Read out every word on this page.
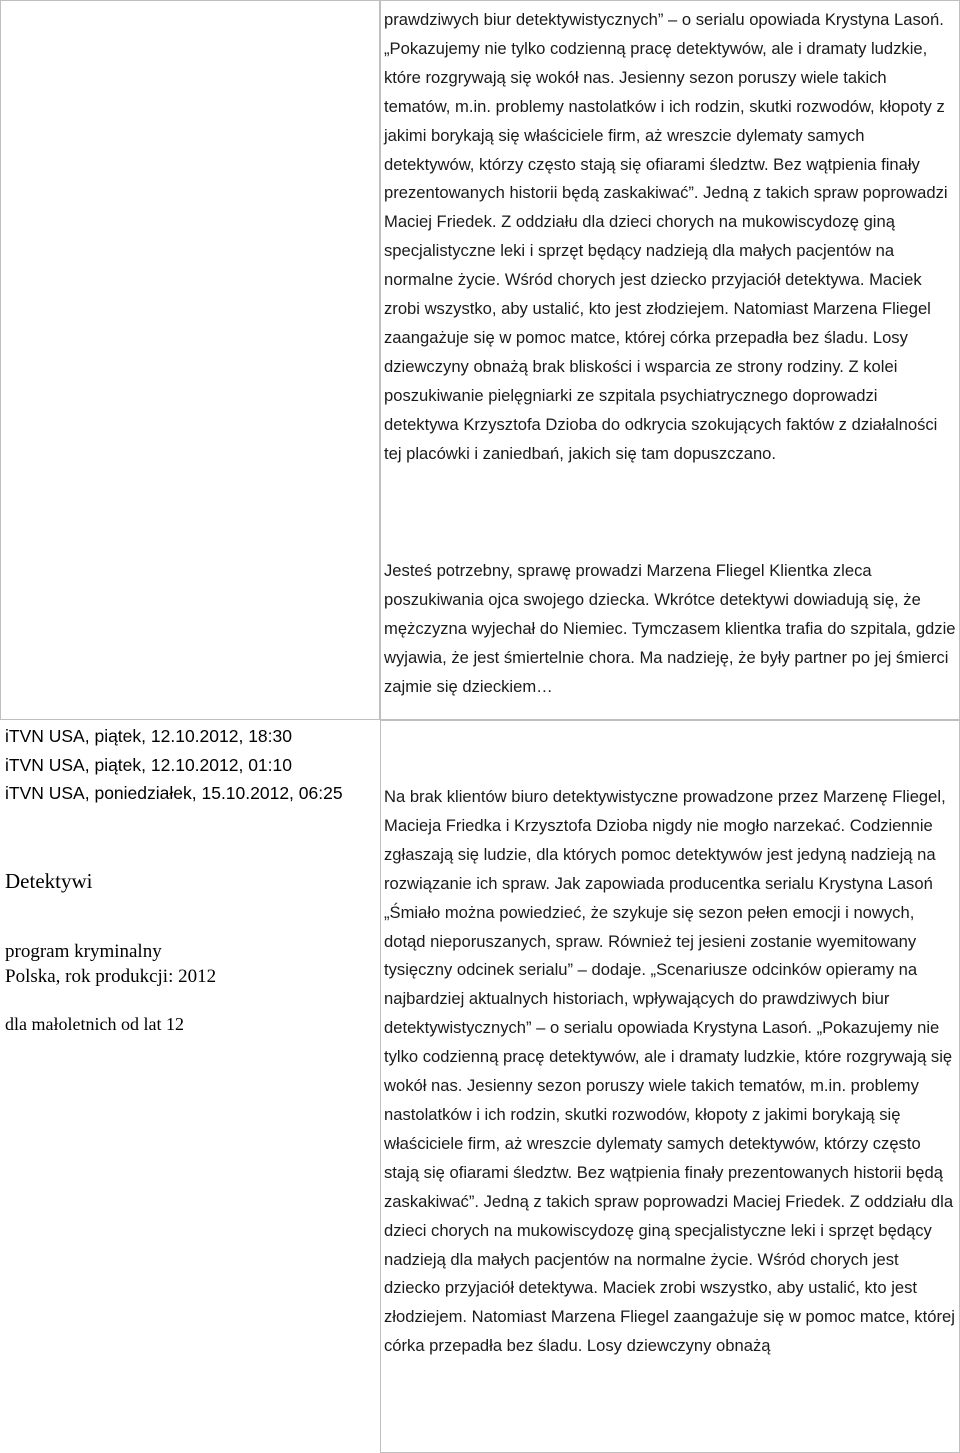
prawdziwych biur detektywistycznych” – o serialu opowiada Krystyna Lasoń. „Pokazujemy nie tylko codzienną pracę detektywów, ale i dramaty ludzkie, które rozgrywają się wokół nas. Jesienny sezon poruszy wiele takich tematów, m.in. problemy nastolatków i ich rodzin, skutki rozwodów, kłopoty z jakimi borykają się właściciele firm, aż wreszcie dylematy samych detektywów, którzy często stają się ofiarami śledztw. Bez wątpienia finały prezentowanych historii będą zaskakiwać”. Jedną z takich spraw poprowadzi Maciej Friedek. Z oddziału dla dzieci chorych na mukowiscydozę giną specjalistyczne leki i sprzęt będący nadzieją dla małych pacjentów na normalne życie. Wśród chorych jest dziecko przyjaciół detektywa. Maciek zrobi wszystko, aby ustalić, kto jest złodziejem. Natomiast Marzena Fliegel zaangażuje się w pomoc matce, której córka przepadła bez śladu. Losy dziewczyny obnażą brak bliskości i wsparcia ze strony rodziny. Z kolei poszukiwanie pielęgniarki ze szpitala psychiatrycznego doprowadzi detektywa Krzysztofa Dzioba do odkrycia szokujących faktów z działalności tej placówki i zaniedbań, jakich się tam dopuszczano.

Jesteś potrzebny, sprawę prowadzi Marzena Fliegel Klientka zleca poszukiwania ojca swojego dziecka. Wkrótce detektywi dowiadują się, że mężczyzna wyjechał do Niemiec. Tymczasem klientka trafia do szpitala, gdzie wyjawia, że jest śmiertelnie chora. Ma nadzieję, że były partner po jej śmierci zajmie się dzieckiem…

iTVN USA, piątek, 12.10.2012, 18:30
iTVN USA, piątek, 12.10.2012, 01:10
iTVN USA, poniedziałek, 15.10.2012, 06:25

Detektywi

program kryminalny

Polska, rok produkcji: 2012

dla małoletnich od lat 12

Na brak klientów biuro detektywistyczne prowadzone przez Marzenę Fliegel, Macieja Friedka i Krzysztofa Dzioba nigdy nie mogło narzekać. Codziennie zgłaszają się ludzie, dla których pomoc detektywów jest jedyną nadzieją na rozwiązanie ich spraw. Jak zapowiada producentka serialu Krystyna Lasoń „Śmiało można powiedzieć, że szykuje się sezon pełen emocji i nowych, dotąd nieporuszanych, spraw. Również tej jesieni zostanie wyemitowany tysięczny odcinek serialu” – dodaje. „Scenariusze odcinków opieramy na najbardziej aktualnych historiach, wpływających do prawdziwych biur detektywistycznych” – o serialu opowiada Krystyna Lasoń. „Pokazujemy nie tylko codzienną pracę detektywów, ale i dramaty ludzkie, które rozgrywają się wokół nas. Jesienny sezon poruszy wiele takich tematów, m.in. problemy nastolatków i ich rodzin, skutki rozwodów, kłopoty z jakimi borykają się właściciele firm, aż wreszcie dylematy samych detektywów, którzy często stają się ofiarami śledztw. Bez wątpienia finały prezentowanych historii będą zaskakiwać”. Jedną z takich spraw poprowadzi Maciej Friedek. Z oddziału dla dzieci chorych na mukowiscydozę giną specjalistyczne leki i sprzęt będący nadzieją dla małych pacjentów na normalne życie. Wśród chorych jest dziecko przyjaciół detektywa. Maciek zrobi wszystko, aby ustalić, kto jest złodziejem. Natomiast Marzena Fliegel zaangażuje się w pomoc matce, której córka przepadła bez śladu. Losy dziewczyny obnażą
